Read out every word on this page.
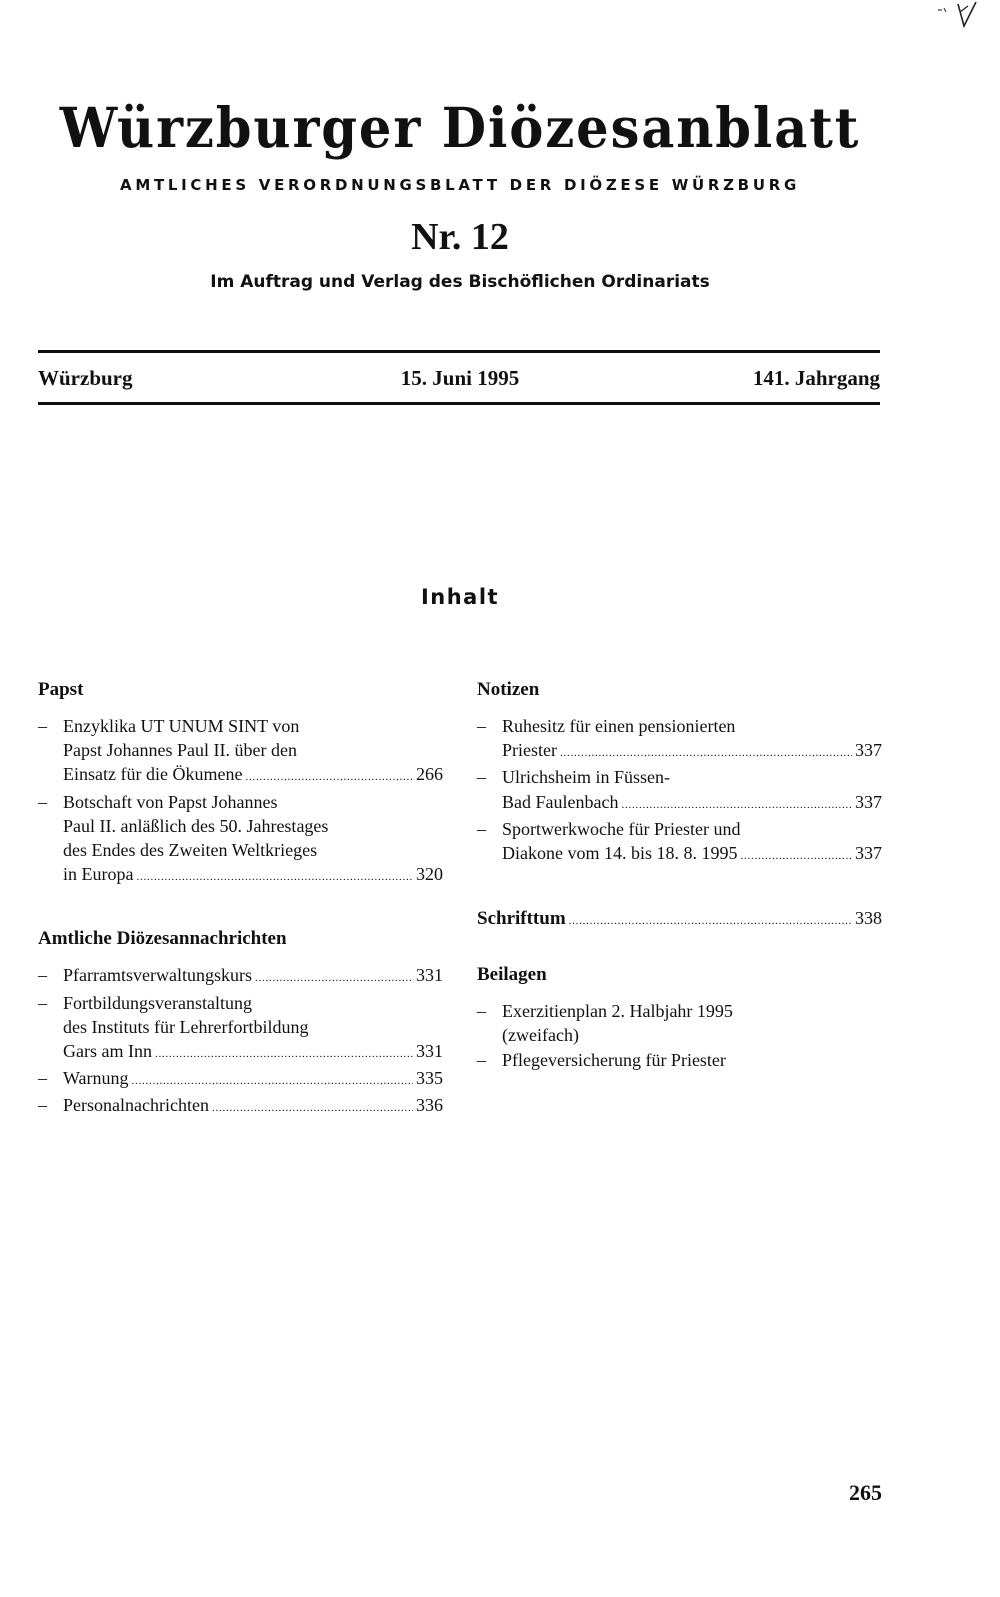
Würzburger Diözesanblatt
AMTLICHES VERORDNUNGSBLATT DER DIÖZESE WÜRZBURG
Nr. 12
Im Auftrag und Verlag des Bischöflichen Ordinariats
Würzburg	15. Juni 1995	141. Jahrgang
Inhalt
Papst
– Enzyklika UT UNUM SINT von
Papst Johannes Paul II. über den
Einsatz für die Ökumene . . .	266
– Botschaft von Papst Johannes
Paul II. anläßlich des 50. Jahrestages
des Endes des Zweiten Weltkrieges
in Europa . . .	320
Amtliche Diözesannachrichten
– Pfarramtsverwaltungskurs . . .	331
– Fortbildungsveranstaltung
des Instituts für Lehrerfortbildung
Gars am Inn . . .	331
– Warnung . . .	335
– Personalnachrichten . . .	336
Notizen
– Ruhesitz für einen pensionierten
Priester . . .	337
– Ulrichsheim in Füssen-
Bad Faulenbach . . .	337
– Sportwerkwoche für Priester und
Diakone vom 14. bis 18. 8. 1995 . . .	337
Schrifttum . . .	338
Beilagen
– Exerzitienplan 2. Halbjahr 1995
(zweifach)
– Pflegeversicherung für Priester
265
